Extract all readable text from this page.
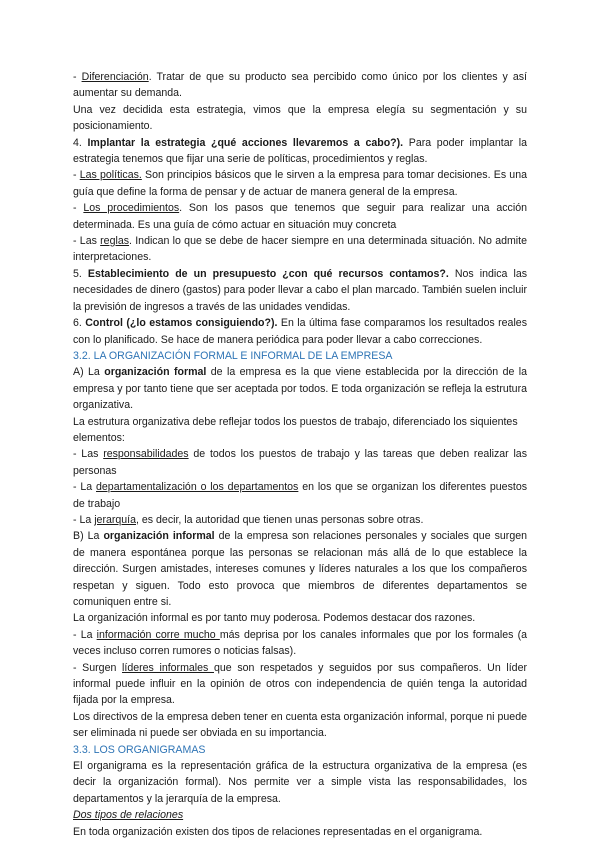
- Diferenciación. Tratar de que su producto sea percibido como único por los clientes y así aumentar su demanda.

Una vez decidida esta estrategia, vimos que la empresa elegía su segmentación y su posicionamiento.

4. Implantar la estrategia ¿qué acciones llevaremos a cabo?). Para poder implantar la estrategia tenemos que fijar una serie de políticas, procedimientos y reglas.

- Las políticas. Son principios básicos que le sirven a la empresa para tomar decisiones. Es una guía que define la forma de pensar y de actuar de manera general de la empresa.

- Los procedimientos. Son los pasos que tenemos que seguir para realizar una acción determinada. Es una guía de cómo actuar en situación muy concreta

- Las reglas. Indican lo que se debe de hacer siempre en una determinada situación. No admite interpretaciones.

5. Establecimiento de un presupuesto ¿con qué recursos contamos?. Nos indica las necesidades de dinero (gastos) para poder llevar a cabo el plan marcado. También suelen incluir la previsión de ingresos a través de las unidades vendidas.

6. Control (¿lo estamos consiguiendo?). En la última fase comparamos los resultados reales con lo planificado. Se hace de manera periódica para poder llevar a cabo correcciones.

3.2. LA ORGANIZACIÓN FORMAL E INFORMAL DE LA EMPRESA

A) La organización formal de la empresa es la que viene establecida por la dirección de la empresa y por tanto tiene que ser aceptada por todos. E toda organización se refleja la estrutura organizativa.

La estrutura organizativa debe reflejar todos los puestos de trabajo, diferenciado los siquientes elementos:

- Las responsabilidades de todos los puestos de trabajo y las tareas que deben realizar las personas

- La departamentalización o los departamentos en los que se organizan los diferentes puestos de trabajo

- La jerarquía, es decir, la autoridad que tienen unas personas sobre otras.

B) La organización informal de la empresa son relaciones personales y sociales que surgen de manera espontánea porque las personas se relacionan más allá de lo que establece la dirección. Surgen amistades, intereses comunes y líderes naturales a los que los compañeros respetan y siguen. Todo esto provoca que miembros de diferentes departamentos se comuniquen entre si.

La organización informal es por tanto muy poderosa. Podemos destacar dos razones.

- La información corre mucho más deprisa por los canales informales que por los formales (a veces incluso corren rumores o noticias falsas).

- Surgen líderes informales que son respetados y seguidos por sus compañeros. Un líder informal puede influir en la opinión de otros con independencia de quién tenga la autoridad fijada por la empresa.

Los directivos de la empresa deben tener en cuenta esta organización informal, porque ni puede ser eliminada ni puede ser obviada en su importancia.

3.3. LOS ORGANIGRAMAS

El organigrama es la representación gráfica de la estructura organizativa de la empresa (es decir la organización formal). Nos permite ver a simple vista las responsabilidades, los departamentos y la jerarquía de la empresa.

Dos tipos de relaciones

En toda organización existen dos tipos de relaciones representadas en el organigrama.
